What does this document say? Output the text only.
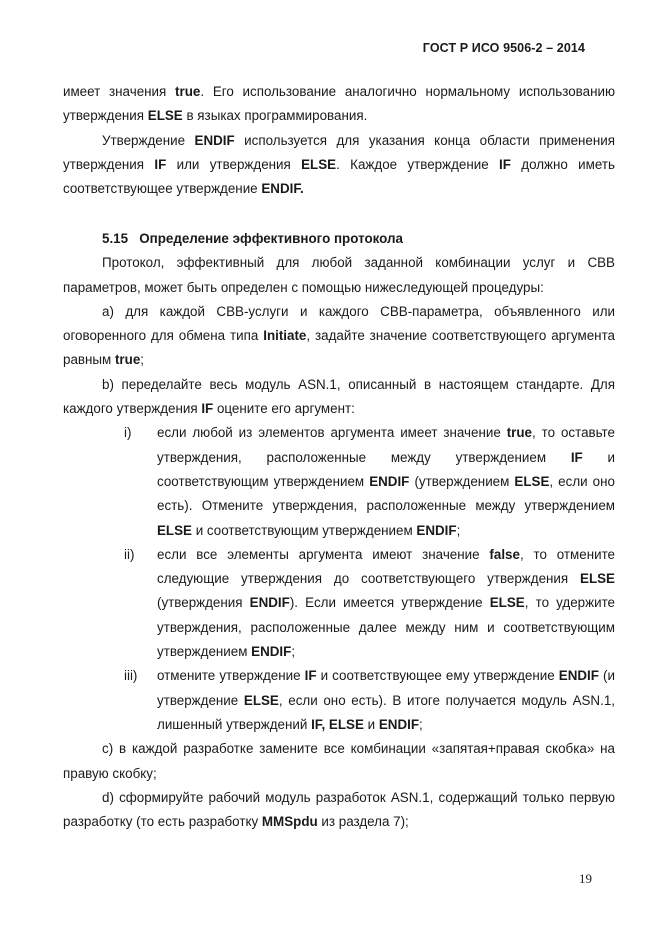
ГОСТ Р ИСО 9506-2 – 2014

имеет значения true. Его использование аналогично нормальному использованию утверждения ELSE в языках программирования.

Утверждение ENDIF используется для указания конца области применения утверждения IF или утверждения ELSE. Каждое утверждение IF должно иметь соответствующее утверждение ENDIF.

5.15 Определение эффективного протокола

Протокол, эффективный для любой заданной комбинации услуг и СВВ параметров, может быть определен с помощью нижеследующей процедуры:

а) для каждой СВВ-услуги и каждого СВВ-параметра, объявленного или оговоренного для обмена типа Initiate, задайте значение соответствующего аргумента равным true;

b) переделайте весь модуль ASN.1, описанный в настоящем стандарте. Для каждого утверждения IF оцените его аргумент:

i) если любой из элементов аргумента имеет значение true, то оставьте утверждения, расположенные между утверждением IF и соответствующим утверждением ENDIF (утверждением ELSE, если оно есть). Отмените утверждения, расположенные между утверждением ELSE и соответствующим утверждением ENDIF;

ii) если все элементы аргумента имеют значение false, то отмените следующие утверждения до соответствующего утверждения ELSE (утверждения ENDIF). Если имеется утверждение ELSE, то удержите утверждения, расположенные далее между ним и соответствующим утверждением ENDIF;

iii) отмените утверждение IF и соответствующее ему утверждение ENDIF (и утверждение ELSE, если оно есть). В итоге получается модуль ASN.1, лишенный утверждений IF, ELSE и ENDIF;

с) в каждой разработке замените все комбинации «запятая+правая скобка» на правую скобку;

d) сформируйте рабочий модуль разработок ASN.1, содержащий только первую разработку (то есть разработку MMSpdu из раздела 7);

19
